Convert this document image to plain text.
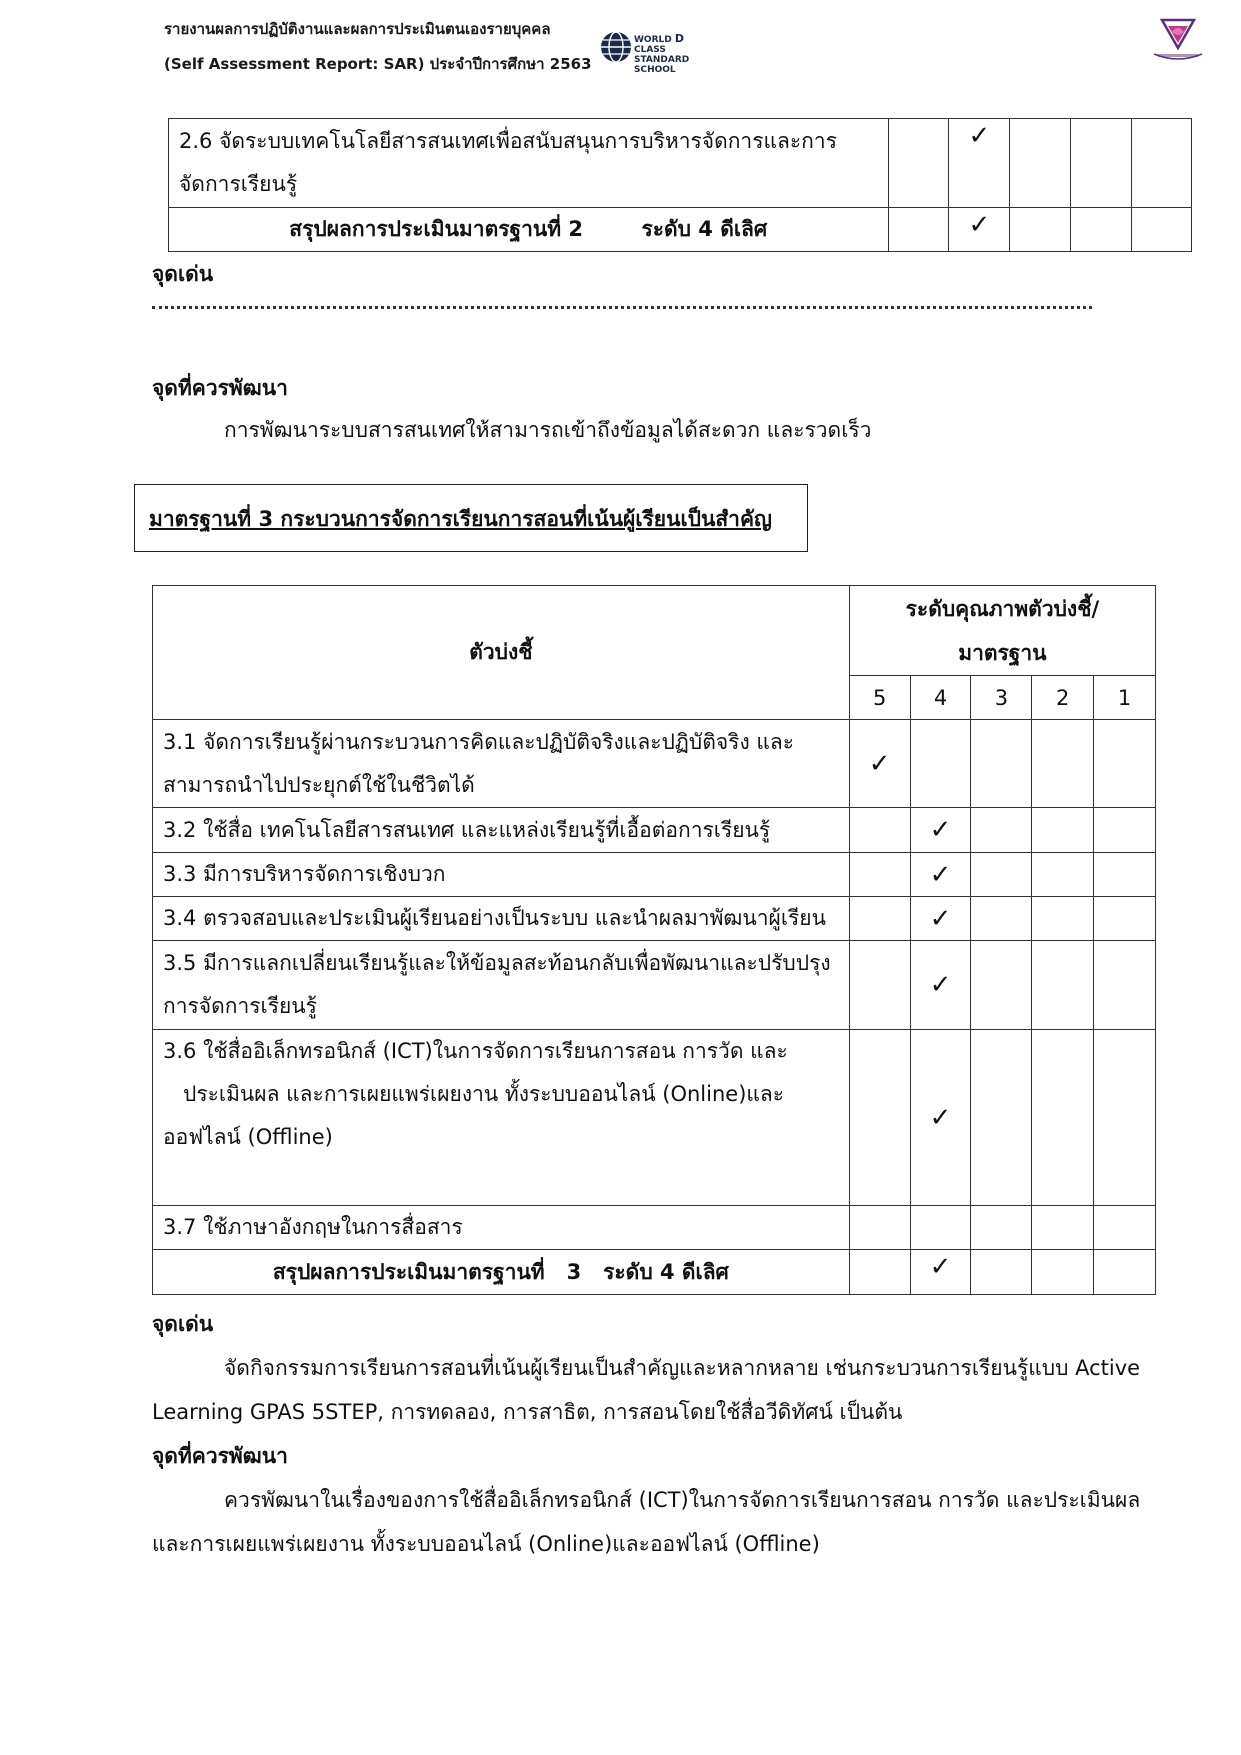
รายงานผลการปฏิบัติงานและผลการประเมินตนเองรายบุคคล
(Self Assessment Report: SAR) ประจำปีการศึกษา 2563
WORLD D CLASS
STANDARD SCHOOL
2.6 จัดระบบเทคโนโลยีสารสนเทศเพื่อสนับสนุนการบริหารจัดการและการ
จัดการเรียนรู้		✓			
สรุปผลการประเมินมาตรฐานที่ 2        ระดับ 4 ดีเลิศ		✓			
จุดเด่น
จุดที่ควรพัฒนา
การพัฒนาระบบสารสนเทศให้สามารถเข้าถึงข้อมูลได้สะดวก และรวดเร็ว
มาตรฐานที่ 3 กระบวนการจัดการเรียนการสอนที่เน้นผู้เรียนเป็นสำคัญ
ตัวบ่งชี้	ระดับคุณภาพตัวบ่งชี้/
มาตรฐาน				

	5	4	3	2	1

3.1 จัดการเรียนรู้ผ่านกระบวนการคิดและปฏิบัติจริงและปฏิบัติจริง และ
สามารถนำไปประยุกต์ใช้ในชีวิตได้	✓				
3.2 ใช้สื่อ เทคโนโลยีสารสนเทศ และแหล่งเรียนรู้ที่เอื้อต่อการเรียนรู้		✓			
3.3 มีการบริหารจัดการเชิงบวก		✓			
3.4 ตรวจสอบและประเมินผู้เรียนอย่างเป็นระบบ และนำผลมาพัฒนาผู้เรียน		✓			

3.5 มีการแลกเปลี่ยนเรียนรู้และให้ข้อมูลสะท้อนกลับเพื่อพัฒนาและปรับปรุง
การจัดการเรียนรู้		✓			

3.6 ใช้สื่ออิเล็กทรอนิกส์ (ICT)ในการจัดการเรียนการสอน การวัด และ
ประเมินผล และการเผยแพร่เผยงาน ทั้งระบบออนไลน์ (Online)และ
ออฟไลน์ (Offline)		✓			
3.7 ใช้ภาษาอังกฤษในการสื่อสาร					
สรุปผลการประเมินมาตรฐานที่   3   ระดับ 4 ดีเลิศ		✓			
จุดเด่น
จัดกิจกรรมการเรียนการสอนที่เน้นผู้เรียนเป็นสำคัญและหลากหลาย เช่นกระบวนการเรียนรู้แบบ Active
Learning GPAS 5STEP, การทดลอง, การสาธิต, การสอนโดยใช้สื่อวีดิทัศน์ เป็นต้น
จุดที่ควรพัฒนา
ควรพัฒนาในเรื่องของการใช้สื่ออิเล็กทรอนิกส์ (ICT)ในการจัดการเรียนการสอน การวัด และประเมินผล
และการเผยแพร่เผยงาน ทั้งระบบออนไลน์ (Online)และออฟไลน์ (Offline)
